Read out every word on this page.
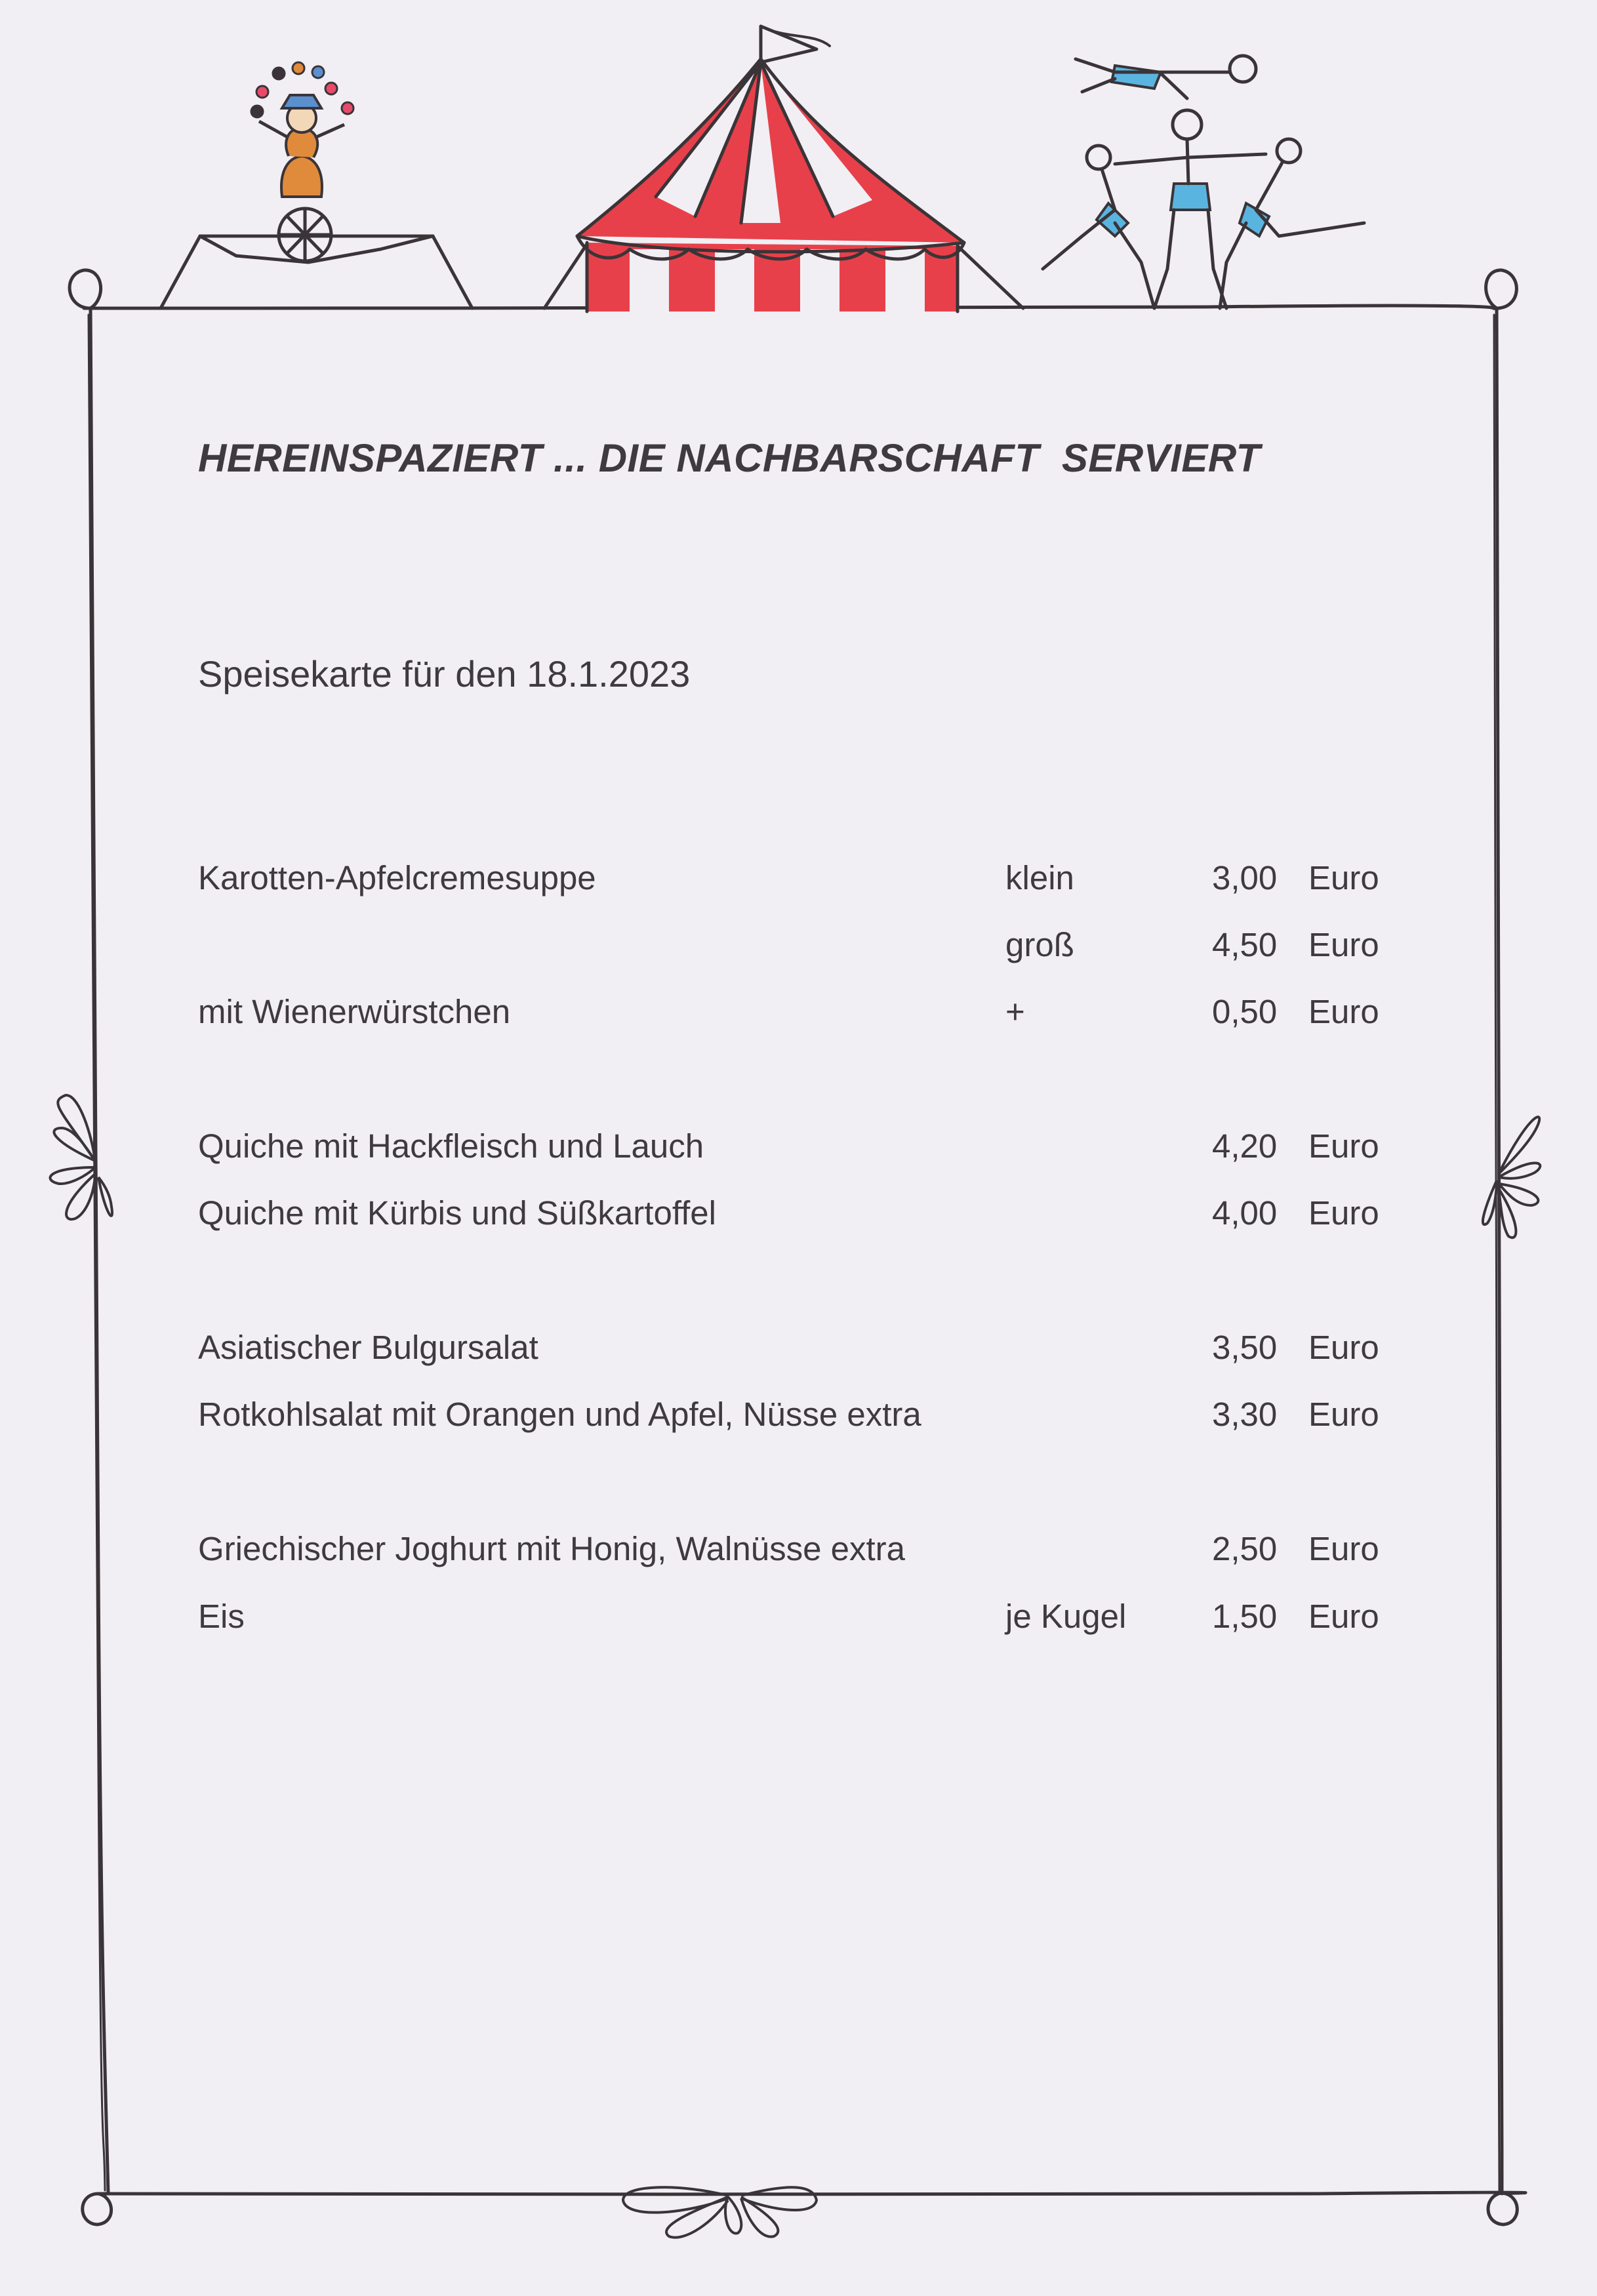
HEREINSPAZIERT ... DIE NACHBARSCHAFT  SERVIERT

Speisekarte für den 18.1.2023

Karotten-Apfelcremesuppe	klein	3,00 Euro
groß	4,50 Euro
mit Wienerwürstchen	+	0,50 Euro
Quiche mit Hackfleisch und Lauch	4,20 Euro
Quiche mit Kürbis und Süßkartoffel	4,00 Euro
Asiatischer Bulgursalat	3,50 Euro
Rotkohlsalat mit Orangen und Apfel, Nüsse extra	3,30 Euro
Griechischer Joghurt mit Honig, Walnüsse extra	2,50 Euro
Eis	je Kugel	1,50 Euro
